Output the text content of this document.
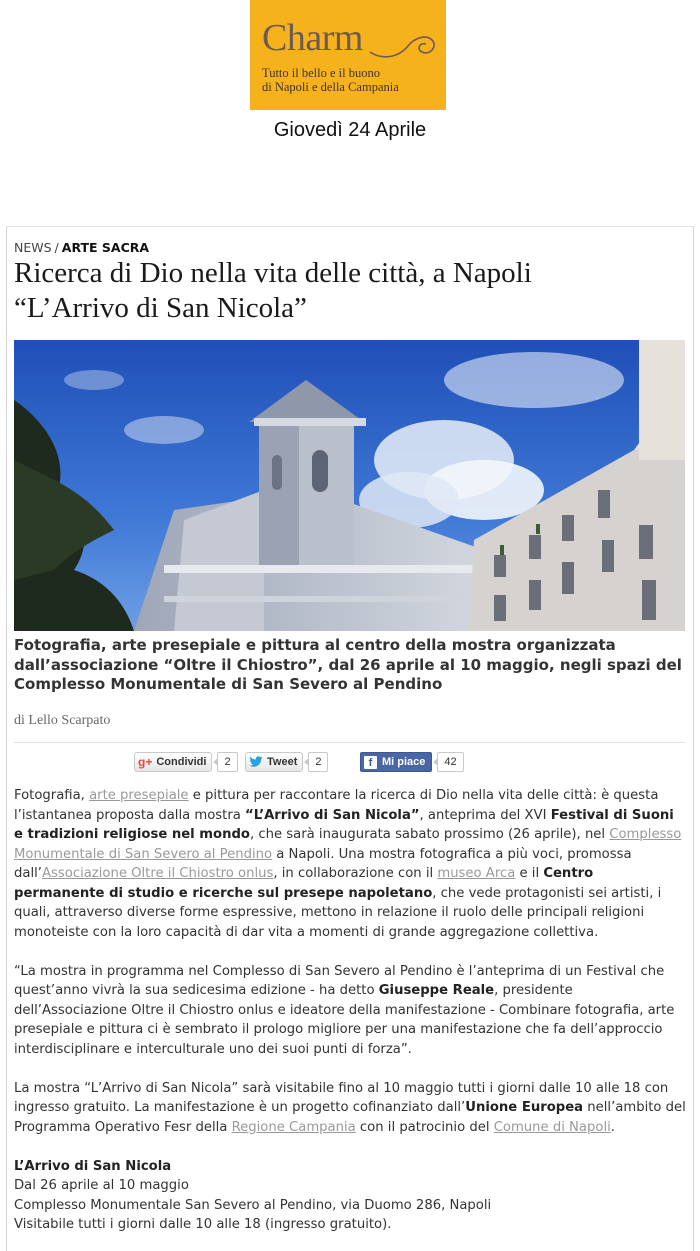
Charm
Tutto il bello e il buono
di Napoli e della Campania
Giovedì 24 Aprile
NEWS / ARTE SACRA
Ricerca di Dio nella vita delle città, a Napoli
“L’Arrivo di San Nicola”

Fotografia, arte presepiale e pittura al centro della mostra organizzata dall’associazione “Oltre il Chiostro”, dal 26 aprile al 10 maggio, negli spazi del Complesso Monumentale di San Severo al Pendino

di Lello Scarpato
g+ Condividi	2	Tweet	2	f Mi piace	42

Fotografia, arte presepiale e pittura per raccontare la ricerca di Dio nella vita delle città: è questa l’istantanea proposta dalla mostra “L’Arrivo di San Nicola”, anteprima del XVI Festival di Suoni e tradizioni religiose nel mondo, che sarà inaugurata sabato prossimo (26 aprile), nel Complesso Monumentale di San Severo al Pendino a Napoli. Una mostra fotografica a più voci, promossa dall’Associazione Oltre il Chiostro onlus, in collaborazione con il museo Arca e il Centro permanente di studio e ricerche sul presepe napoletano, che vede protagonisti sei artisti, i quali, attraverso diverse forme espressive, mettono in relazione il ruolo delle principali religioni monoteiste con la loro capacità di dar vita a momenti di grande aggregazione collettiva.

“La mostra in programma nel Complesso di San Severo al Pendino è l’anteprima di un Festival che quest’anno vivrà la sua sedicesima edizione - ha detto Giuseppe Reale, presidente dell’Associazione Oltre il Chiostro onlus e ideatore della manifestazione - Combinare fotografia, arte presepiale e pittura ci è sembrato il prologo migliore per una manifestazione che fa dell’approccio interdisciplinare e interculturale uno dei suoi punti di forza”.

La mostra “L’Arrivo di San Nicola” sarà visitabile fino al 10 maggio tutti i giorni dalle 10 alle 18 con ingresso gratuito. La manifestazione è un progetto cofinanziato dall’Unione Europea nell’ambito del Programma Operativo Fesr della Regione Campania con il patrocinio del Comune di Napoli.

L’Arrivo di San Nicola
Dal 26 aprile al 10 maggio
Complesso Monumentale San Severo al Pendino, via Duomo 286, Napoli
Visitabile tutti i giorni dalle 10 alle 18 (ingresso gratuito).
